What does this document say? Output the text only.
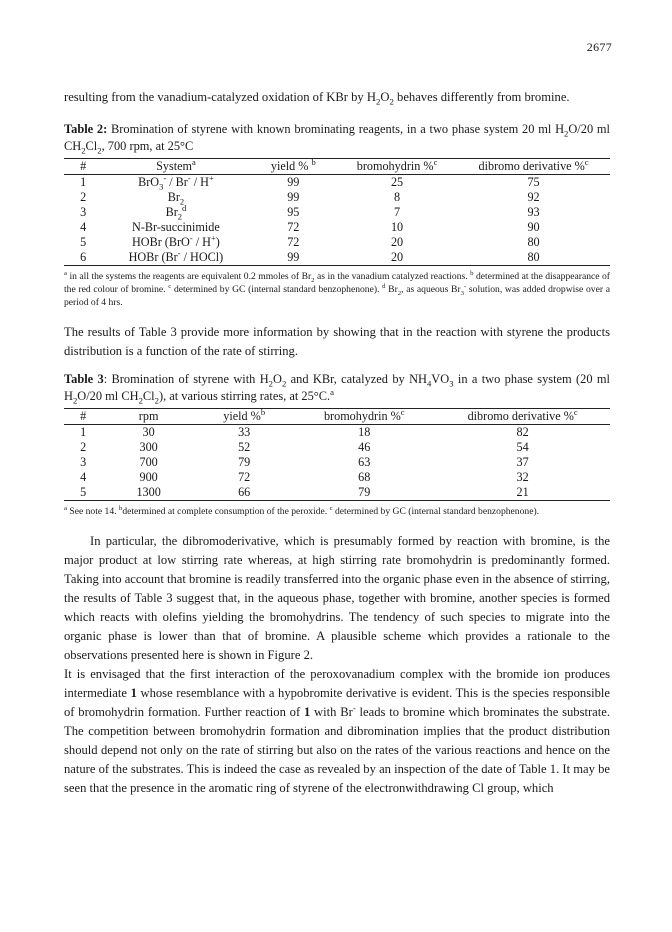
2677

resulting from the vanadium-catalyzed oxidation of KBr by $H_2O_2$ behaves differently from bromine.

Table 2: Bromination of styrene with known brominating reagents, in a two phase system 20 ml $H_2O/20$ ml $CH_2Cl_2$, 700 rpm, at 25°C

#	System$^a$	yield % $^b$	bromohydrin %$^c$	dibromo derivative %$^c$
1	BrO$_3$- / Br- / H+	99	25	75
2	$Br_2$	99	8	92
3	$Br_2^d$	95	7	93
4	N-Br-succinimide	72	10	90
5	HOBr (BrO- / H+)	72	20	80
6	HOBr (Br- / HOCl)	99	20	80

$^a$ in all the systems the reagents are equivalent 0.2 mmoles of $Br_2$ as in the vanadium catalyzed reactions. $^b$ determined at the disappearance of the red colour of bromine. $^c$ determined by GC (internal standard benzophenone). $^d$ $Br_2$, as aqueous $Br_3^-$ solution, was added dropwise over a period of 4 hrs.

The results of Table 3 provide more information by showing that in the reaction with styrene the products distribution is a function of the rate of stirring.

Table 3: Bromination of styrene with $H_2O_2$ and KBr, catalyzed by $NH_4VO_3$ in a two phase system (20 ml $H_2O/20$ ml $CH_2Cl_2$), at various stirring rates, at 25°C.$^a$

#	rpm	yield %$^b$	bromohydrin %$^c$	dibromo derivative %$^c$
1	30	33	18	82
2	300	52	46	54
3	700	79	63	37
4	900	72	68	32
5	1300	66	79	21

$^a$ See note 14. $^b$determined at complete consumption of the peroxide. $^c$ determined by GC (internal standard benzophenone).

In particular, the dibromoderivative, which is presumably formed by reaction with bromine, is the major product at low stirring rate whereas, at high stirring rate bromohydrin is predominantly formed. Taking into account that bromine is readily transferred into the organic phase even in the absence of stirring, the results of Table 3 suggest that, in the aqueous phase, together with bromine, another species is formed which reacts with olefins yielding the bromohydrins. The tendency of such species to migrate into the organic phase is lower than that of bromine. A plausible scheme which provides a rationale to the observations presented here is shown in Figure 2.

It is envisaged that the first interaction of the peroxovanadium complex with the bromide ion produces intermediate 1 whose resemblance with a hypobromite derivative is evident. This is the species responsible of bromohydrin formation. Further reaction of 1 with Br- leads to bromine which brominates the substrate. The competition between bromohydrin formation and dibromination implies that the product distribution should depend not only on the rate of stirring but also on the rates of the various reactions and hence on the nature of the substrates. This is indeed the case as revealed by an inspection of the date of Table 1. It may be seen that the presence in the aromatic ring of styrene of the electronwithdrawing Cl group, which
